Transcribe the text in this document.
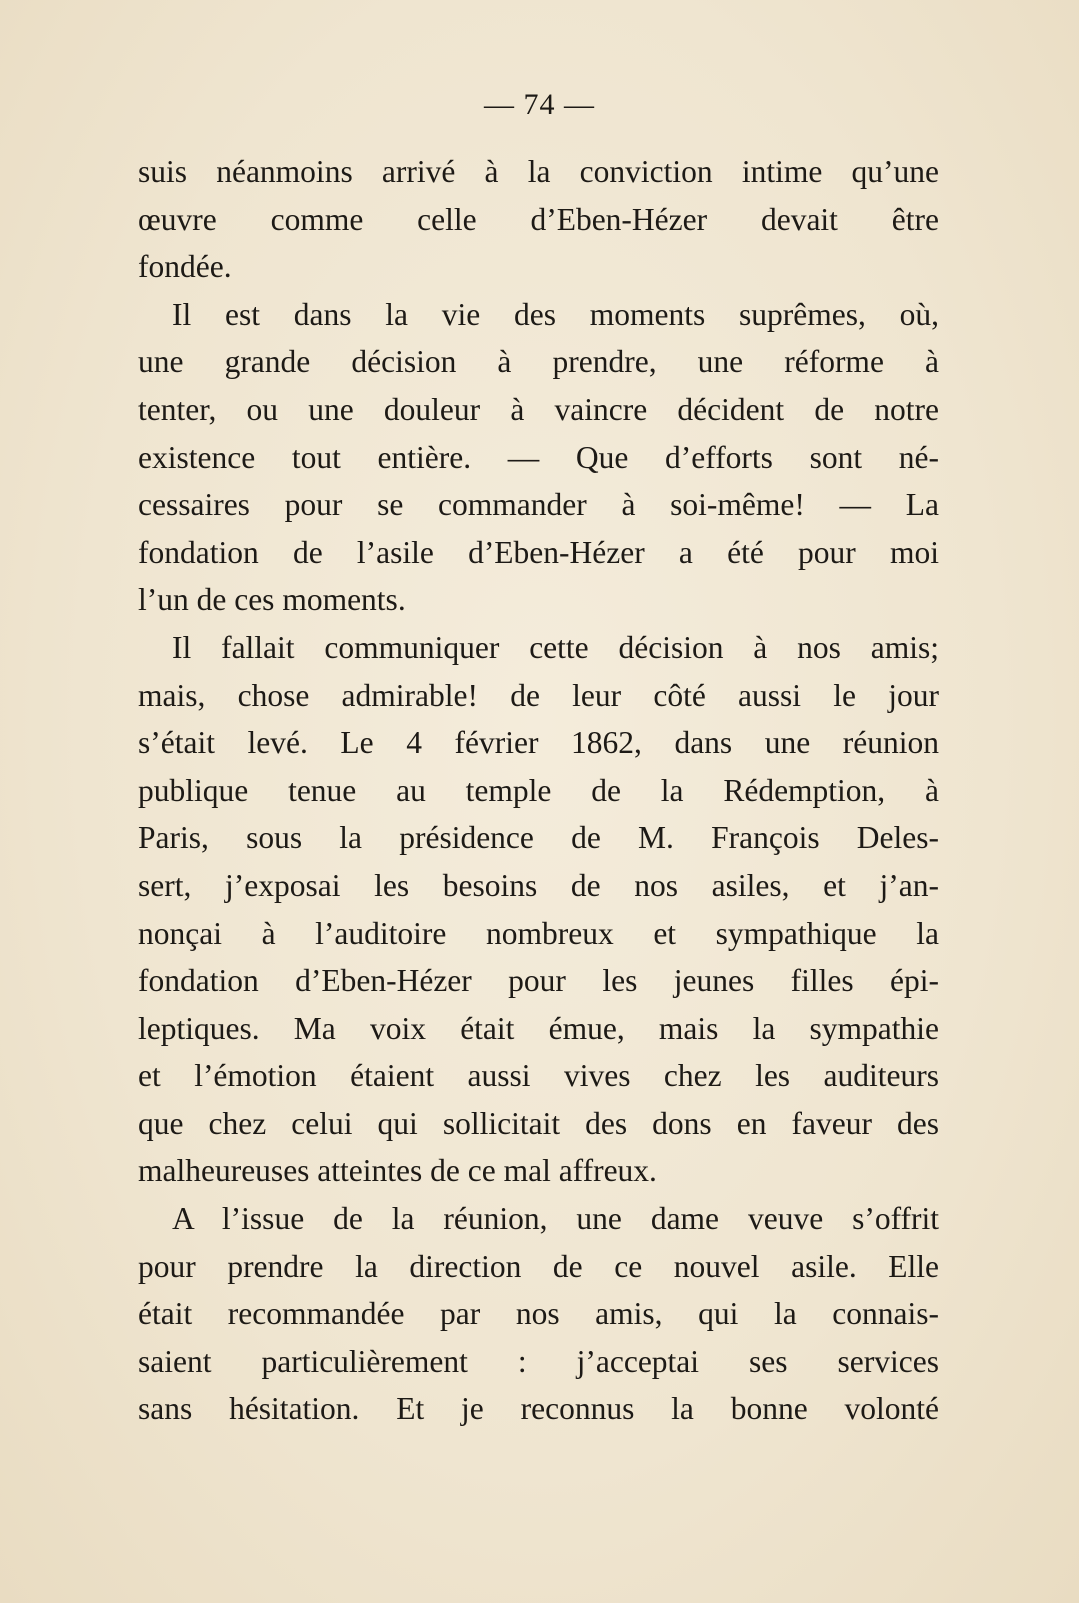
— 74 —
suis néanmoins arrivé à la conviction intime qu’une
œuvre comme celle d’Eben-Hézer devait être
fondée.
Il est dans la vie des moments suprêmes, où,
une grande décision à prendre, une réforme à
tenter, ou une douleur à vaincre décident de notre
existence tout entière. — Que d’efforts sont né-
cessaires pour se commander à soi-même! — La
fondation de l’asile d’Eben-Hézer a été pour moi
l’un de ces moments.
Il fallait communiquer cette décision à nos amis;
mais, chose admirable! de leur côté aussi le jour
s’était levé. Le 4 février 1862, dans une réunion
publique tenue au temple de la Rédemption, à
Paris, sous la présidence de M. François Deles-
sert, j’exposai les besoins de nos asiles, et j’an-
nonçai à l’auditoire nombreux et sympathique la
fondation d’Eben-Hézer pour les jeunes filles épi-
leptiques. Ma voix était émue, mais la sympathie
et l’émotion étaient aussi vives chez les auditeurs
que chez celui qui sollicitait des dons en faveur des
malheureuses atteintes de ce mal affreux.
A l’issue de la réunion, une dame veuve s’offrit
pour prendre la direction de ce nouvel asile. Elle
était recommandée par nos amis, qui la connais-
saient particulièrement : j’acceptai ses services
sans hésitation. Et je reconnus la bonne volonté
